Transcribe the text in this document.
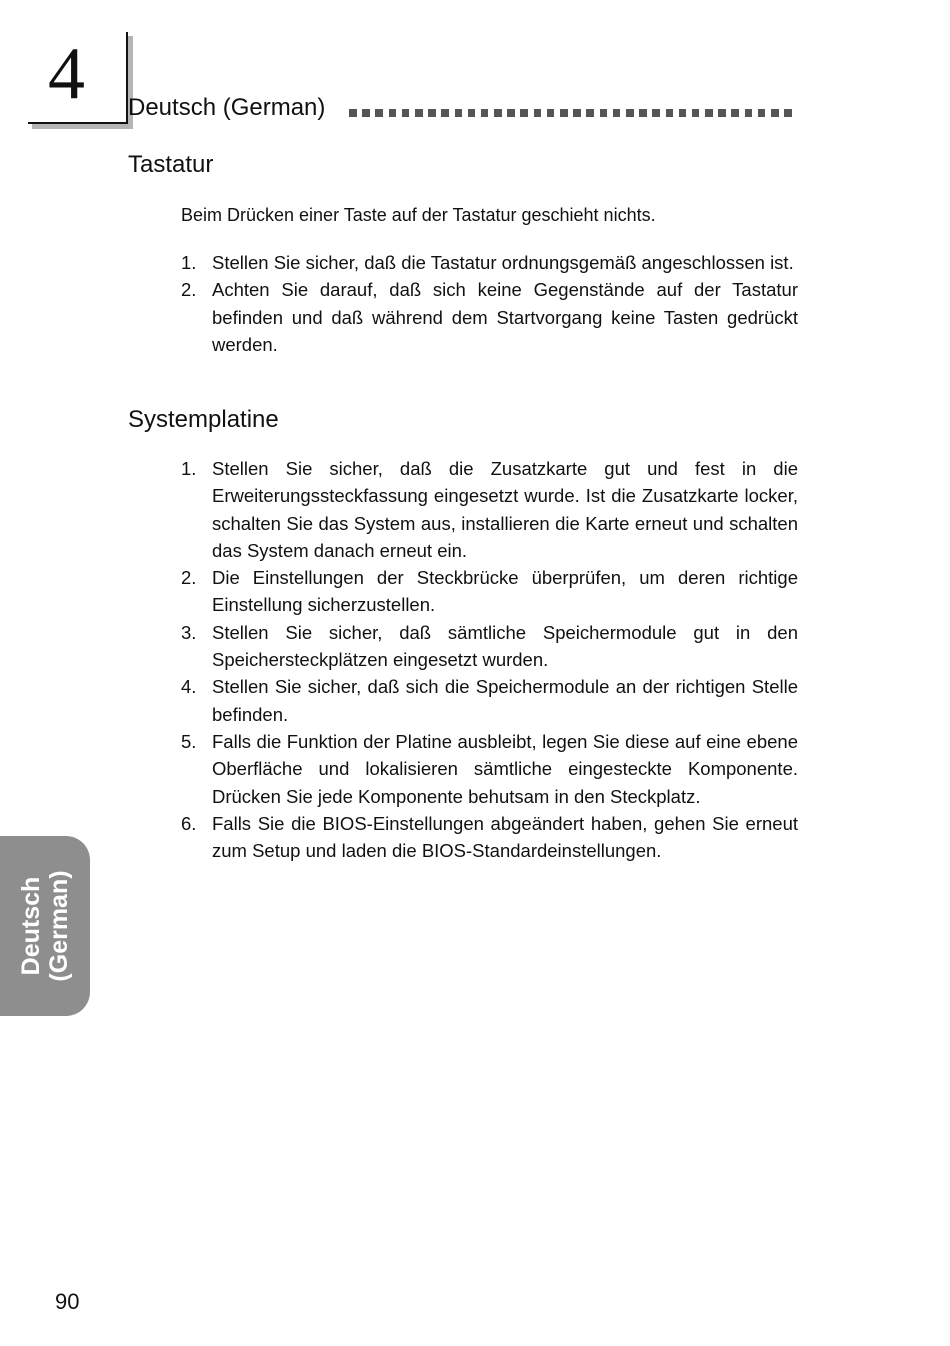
4 Deutsch (German)
Tastatur
Beim Drücken einer Taste auf der Tastatur geschieht nichts.
1. Stellen Sie sicher, daß die Tastatur ordnungsgemäß angeschlossen ist.
2. Achten Sie darauf, daß sich keine Gegenstände auf der Tastatur befinden und daß während dem Startvorgang keine Tasten gedrückt werden.
Systemplatine
1. Stellen Sie sicher, daß die Zusatzkarte gut und fest in die Erweiterungssteckfassung eingesetzt wurde. Ist die Zusatzkarte locker, schalten Sie das System aus, installieren die Karte erneut und schalten das System danach erneut ein.
2. Die Einstellungen der Steckbrücke überprüfen, um deren richtige Einstellung sicherzustellen.
3. Stellen Sie sicher, daß sämtliche Speichermodule gut in den Speichersteckplätzen eingesetzt wurden.
4. Stellen Sie sicher, daß sich die Speichermodule an der richtigen Stelle befinden.
5. Falls die Funktion der Platine ausbleibt, legen Sie diese auf eine ebene Oberfläche und lokalisieren sämtliche eingesteckte Komponente. Drücken Sie jede Komponente behutsam in den Steckplatz.
6. Falls Sie die BIOS-Einstellungen abgeändert haben, gehen Sie erneut zum Setup und laden die BIOS-Standardeinstellungen.
Deutsch (German)
90
